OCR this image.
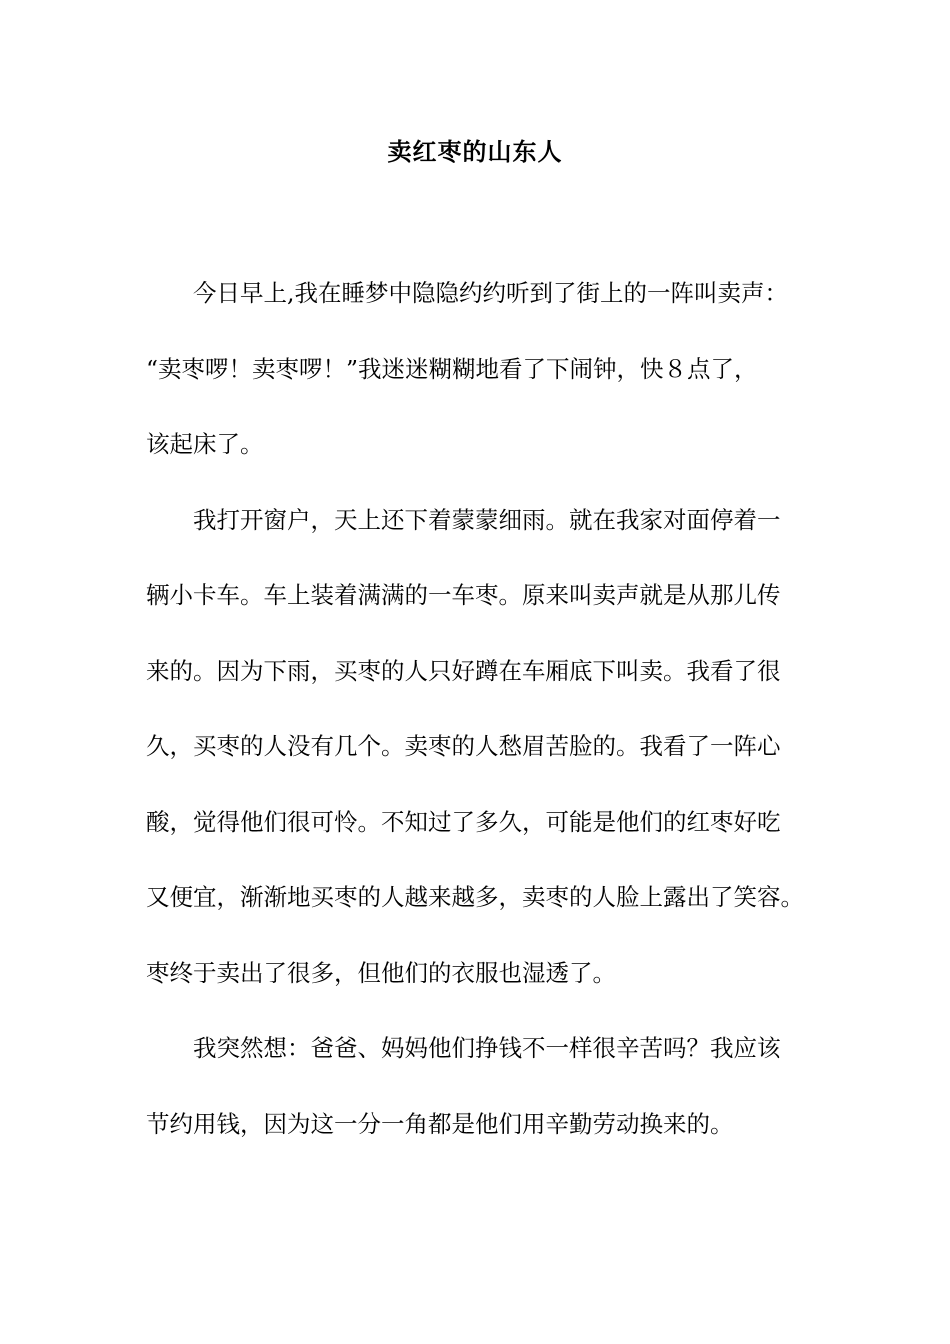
卖红枣的山东人

今日早上,我在睡梦中隐隐约约听到了街上的一阵叫卖声：
“卖枣啰！卖枣啰！”我迷迷糊糊地看了下闹钟，快８点了，
该起床了。

我打开窗户，天上还下着蒙蒙细雨。就在我家对面停着一
辆小卡车。车上装着满满的一车枣。原来叫卖声就是从那儿传
来的。因为下雨，买枣的人只好蹲在车厢底下叫卖。我看了很
久，买枣的人没有几个。卖枣的人愁眉苦脸的。我看了一阵心
酸，觉得他们很可怜。不知过了多久，可能是他们的红枣好吃
又便宜，渐渐地买枣的人越来越多，卖枣的人脸上露出了笑容。
枣终于卖出了很多，但他们的衣服也湿透了。

我突然想：爸爸、妈妈他们挣钱不一样很辛苦吗？我应该
节约用钱，因为这一分一角都是他们用辛勤劳动换来的。
